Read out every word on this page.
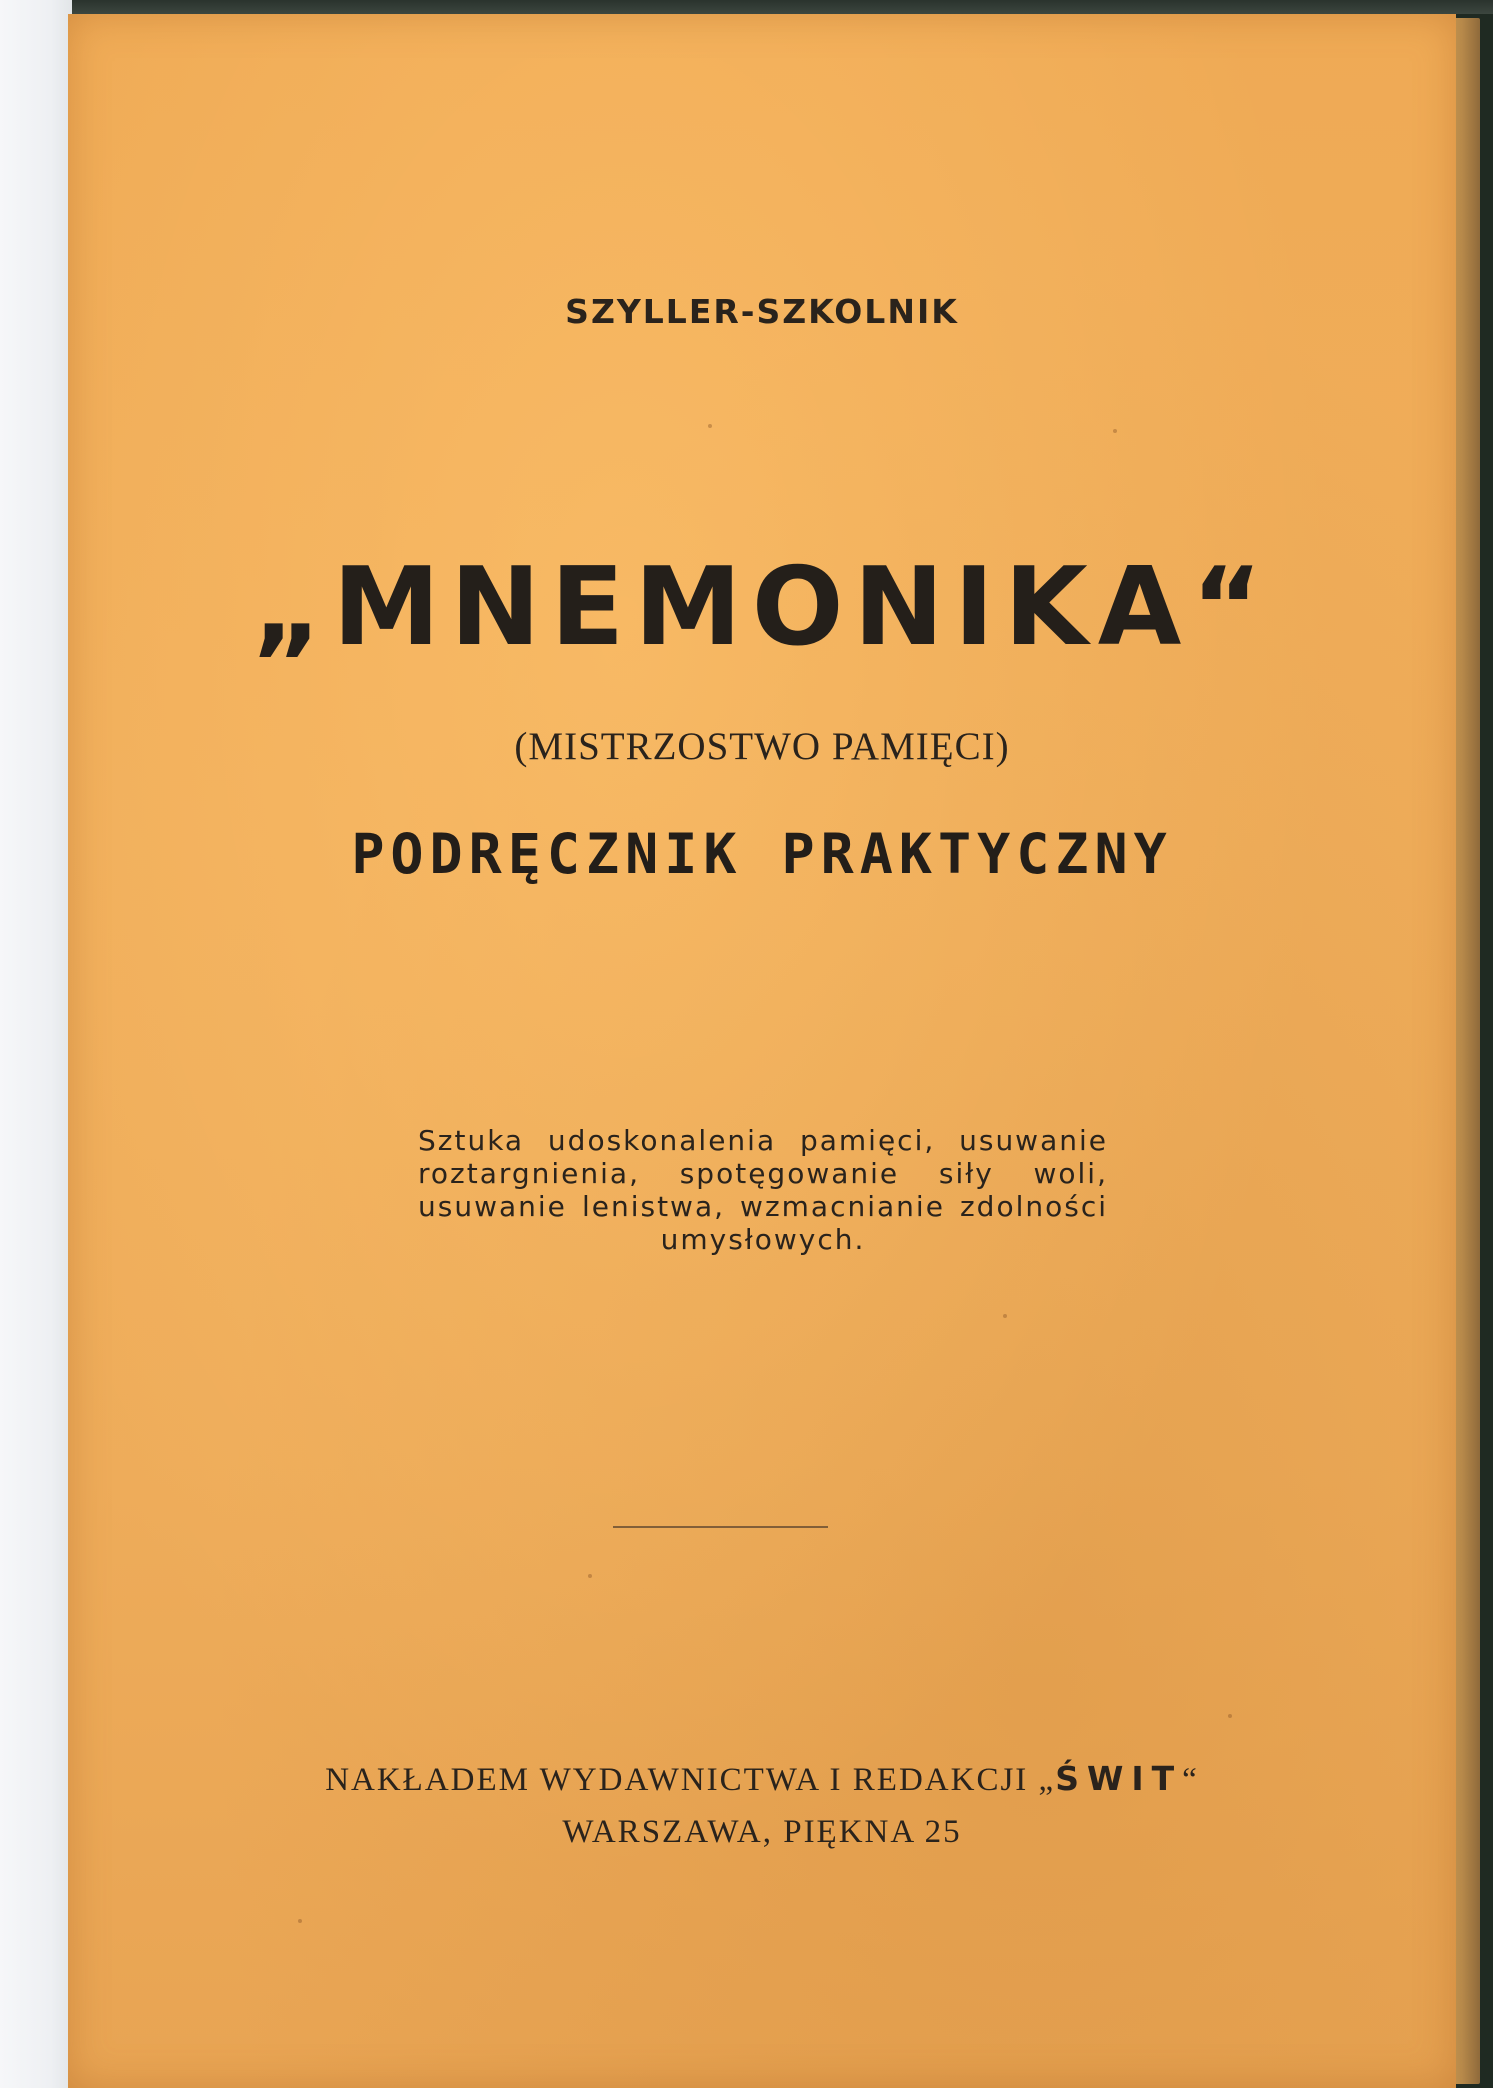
SZYLLER-SZKOLNIK
„MNEMONIKA“
(MISTRZOSTWO PAMIĘCI)
PODRĘCZNIK PRAKTYCZNY
Sztuka udoskonalenia pamięci, usuwanie roztargnienia, spotęgowanie siły woli, usuwanie lenistwa, wzmacnianie zdolności umysłowych.
NAKŁADEM WYDAWNICTWA I REDAKCJI „ŚWIT“
WARSZAWA, PIĘKNA 25
